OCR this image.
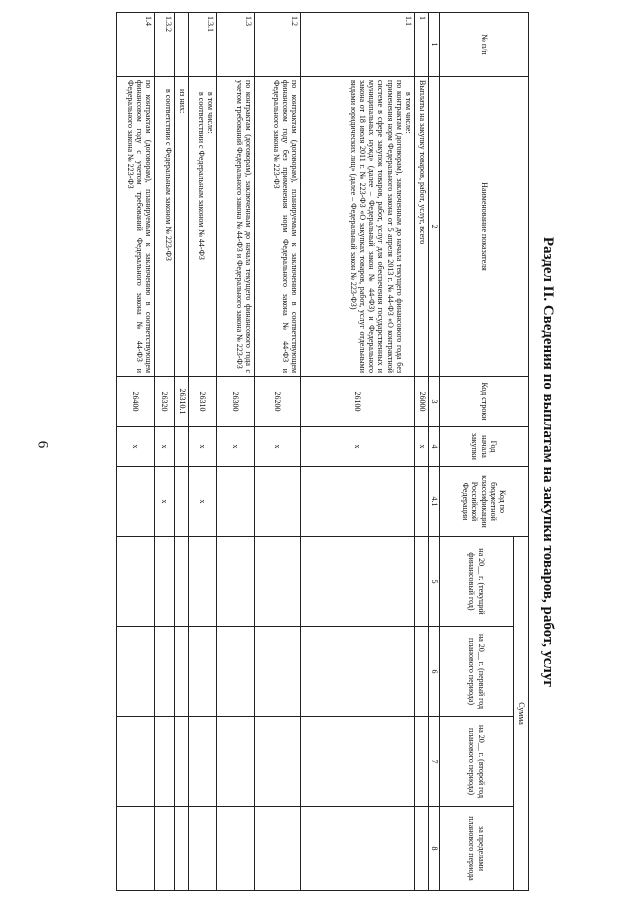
6	Раздел II. Сведения по выплатам на закупки товаров, работ, услуг
№ п/п	Наименование показателя	Код строки	Год начала закупки	Код по бюджетной классификации Российской Федерации	Сумма			
					на 20__ г. (текущий финансовый год)	на 20__ г. (первый год планового периода)	на 20__ г. (второй год планового периода)	за пределами планового периода
1	2	3	4	4.1	5	6	7	8
1	Выплаты на закупку товаров, работ, услуг, всего	26000	х					
1.1	в том числе:
по контрактам (договорам), заключенным до начала текущего финансового года без применения норм Федерального закона от 5 апреля 2013 г. № 44-ФЗ «О контрактной системе в сфере закупок товаров, работ, услуг для обеспечения государственных и муниципальных нужд» (далее – Федеральный закон № 44-ФЗ) и Федерального закона от 18 июля 2011 г. № 223-ФЗ «О закупках товаров, работ, услуг отдельными видами юридических лиц» (далее – Федеральный закон № 223-ФЗ)	26100	х					
1.2	по контрактам (договорам), планируемым к заключению в соответствующем финансовом году без применения норм Федерального закона № 44-ФЗ и Федерального закона № 223-ФЗ	26200	х					
1.3	по контрактам (договорам), заключенным до начала текущего финансового года с учетом требований Федерального закона № 44-ФЗ и Федерального закона № 223-ФЗ	26300	х					
1.3.1	в том числе:
в соответствии с Федеральным законом № 44-ФЗ	26310	х	х				
	из них:	26310.1						
1.3.2	в соответствии с Федеральным законом № 223-ФЗ	26320	х	х				
1.4	по контрактам (договорам), планируемым к заключению в соответствующем финансовом году с учетом требований Федерального закона № 44-ФЗ и Федерального закона № 223-ФЗ	26400	х					
